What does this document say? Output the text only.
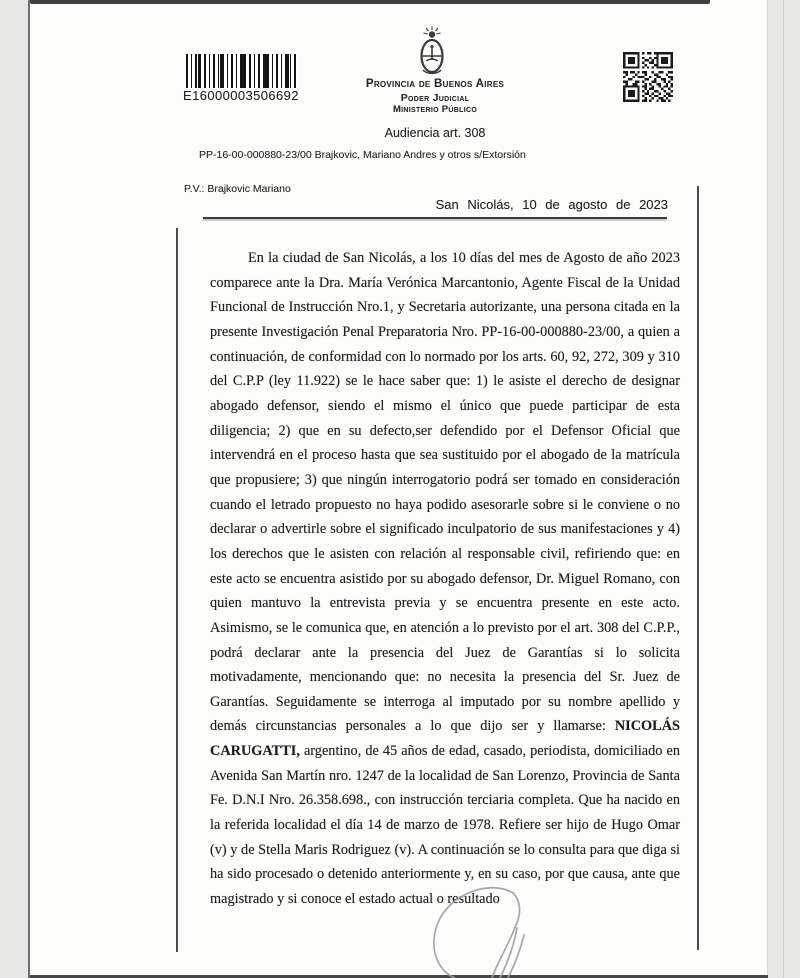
E16000003506692
Provincia de Buenos Aires
Poder Judicial
Ministerio Público
Audiencia art. 308
PP-16-00-000880-23/00 Brajkovic, Mariano Andres y otros s/Extorsión
P.V.: Brajkovic Mariano
San Nicolás, 10 de agosto de 2023
En la ciudad de San Nicolás, a los 10 días del mes de Agosto de año 2023 comparece ante la Dra. María Verónica Marcantonio, Agente Fiscal de la Unidad Funcional de Instrucción Nro.1, y Secretaria autorizante, una persona citada en la presente Investigación Penal Preparatoria Nro. PP-16-00-000880-23/00, a quien a continuación, de conformidad con lo normado por los arts. 60, 92, 272, 309 y 310 del C.P.P (ley 11.922) se le hace saber que: 1) le asiste el derecho de designar abogado defensor, siendo el mismo el único que puede participar de esta diligencia; 2) que en su defecto,ser defendido por el Defensor Oficial que intervendrá en el proceso hasta que sea sustituido por el abogado de la matrícula que propusiere; 3) que ningún interrogatorio podrá ser tomado en consideración cuando el letrado propuesto no haya podido asesorarle sobre si le conviene o no declarar o advertirle sobre el significado inculpatorio de sus manifestaciones y 4) los derechos que le asisten con relación al responsable civil, refiriendo que: en este acto se encuentra asistido por su abogado defensor, Dr. Miguel Romano, con quien mantuvo la entrevista previa y se encuentra presente en este acto. Asimismo, se le comunica que, en atención a lo previsto por el art. 308 del C.P.P., podrá declarar ante la presencia del Juez de Garantías si lo solicita motivadamente, mencionando que: no necesita la presencia del Sr. Juez de Garantías. Seguidamente se interroga al imputado por su nombre apellido y demás circunstancias personales a lo que dijo ser y llamarse: NICOLÁS CARUGATTI, argentino, de 45 años de edad, casado, periodista, domiciliado en Avenida San Martín nro. 1247 de la localidad de San Lorenzo, Provincia de Santa Fe. D.N.I Nro. 26.358.698., con instrucción terciaria completa. Que ha nacido en la referida localidad el día 14 de marzo de 1978. Refiere ser hijo de Hugo Omar (v) y de Stella Maris Rodriguez (v). A continuación se lo consulta para que diga si ha sido procesado o detenido anteriormente y, en su caso, por que causa, ante que magistrado y si conoce el estado actual o resultado
